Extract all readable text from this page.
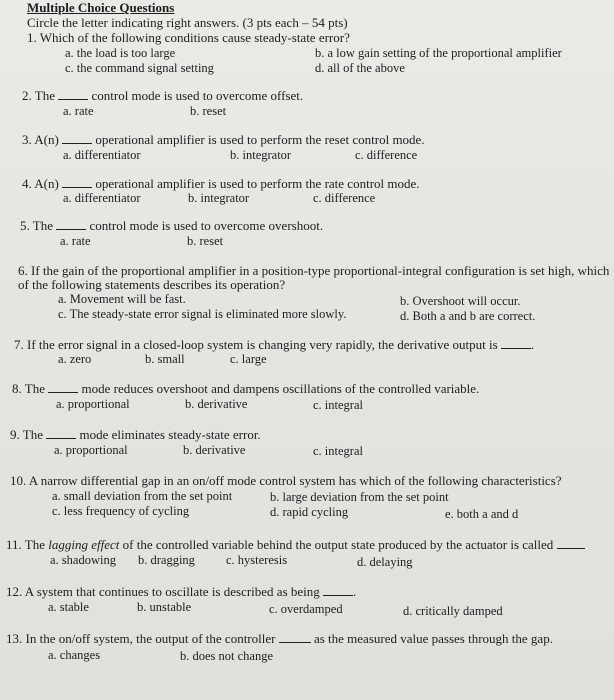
Multiple Choice Questions
Circle the letter indicating right answers. (3 pts each – 54 pts)
1. Which of the following conditions cause steady-state error?
a. the load is too large	b. a low gain setting of the proportional amplifier
c. the command signal setting	d. all of the above
2. The	control mode is used to overcome offset.
a. rate	b. reset
3. A(n)	operational amplifier is used to perform the reset control mode.
a. differentiator	b. integrator	c. difference
4. A(n)	operational amplifier is used to perform the rate control mode.
a. differentiator	b. integrator	c. difference
5. The	control mode is used to overcome overshoot.
a. rate	b. reset
6. If the gain of the proportional amplifier in a position-type proportional-integral configuration is set high, which
of the following statements describes its operation?
a. Movement will be fast.	b. Overshoot will occur.
c. The steady-state error signal is eliminated more slowly.	d. Both a and b are correct.
7. If the error signal in a closed-loop system is changing very rapidly, the derivative output is	.
a. zero	b. small	c. large
8. The	mode reduces overshoot and dampens oscillations of the controlled variable.
a. proportional	b. derivative	c. integral
9. The	mode eliminates steady-state error.
a. proportional	b. derivative	c. integral
10. A narrow differential gap in an on/off mode control system has which of the following characteristics?
a. small deviation from the set point	b. large deviation from the set point
c. less frequency of cycling	d. rapid cycling	e. both a and d
11. The lagging effect of the controlled variable behind the output state produced by the actuator is called
a. shadowing b. dragging c. hysteresis	d. delaying
12. A system that continues to oscillate is described as being	.
a. stable	b. unstable	c. overdamped	d. critically damped
13. In the on/off system, the output of the controller	as the measured value passes through the gap.
a. changes	b. does not change
